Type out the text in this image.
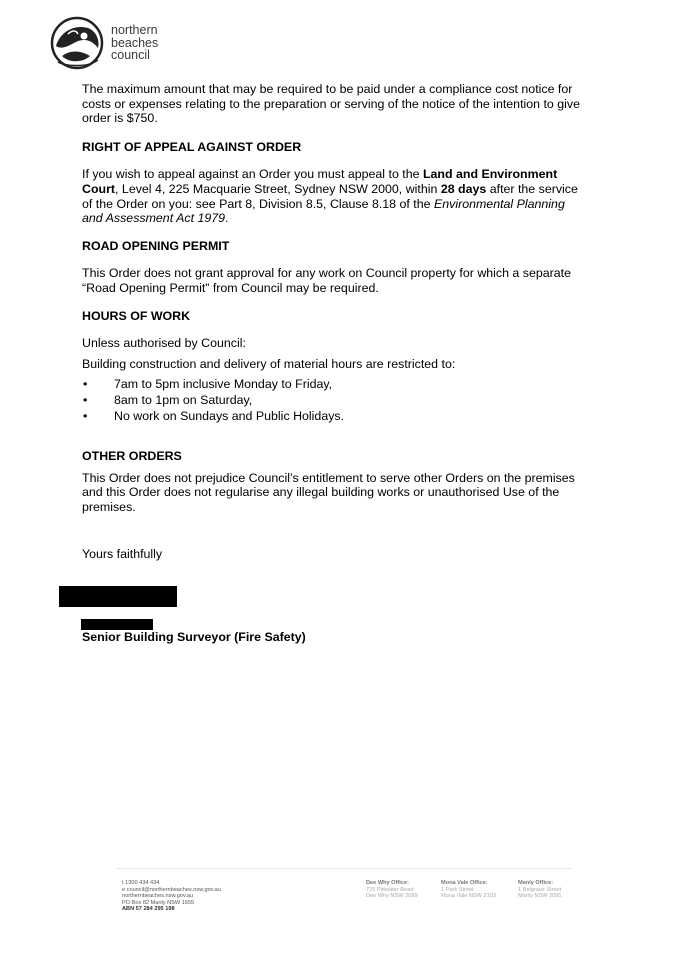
northern
beaches
council

The maximum amount that may be required to be paid under a compliance cost notice for costs or expenses relating to the preparation or serving of the notice of the intention to give order is $750.

RIGHT OF APPEAL AGAINST ORDER

If you wish to appeal against an Order you must appeal to the Land and Environment Court, Level 4, 225 Macquarie Street, Sydney NSW 2000, within 28 days after the service of the Order on you: see Part 8, Division 8.5, Clause 8.18 of the Environmental Planning and Assessment Act 1979.

ROAD OPENING PERMIT

This Order does not grant approval for any work on Council property for which a separate “Road Opening Permit” from Council may be required.

HOURS OF WORK

Unless authorised by Council:

Building construction and delivery of material hours are restricted to:

• 7am to 5pm inclusive Monday to Friday,
• 8am to 1pm on Saturday,
• No work on Sundays and Public Holidays.

OTHER ORDERS

This Order does not prejudice Council’s entitlement to serve other Orders on the premises and this Order does not regularise any illegal building works or unauthorised Use of the premises.

Yours faithfully

Senior Building Surveyor (Fire Safety)
t 1300 434 434
e council@northernbeaches.nsw.gov.au
northernbeaches.nsw.gov.au
PO Box 82 Manly NSW 1655
ABN 57 284 295 198
Dee Why Office:
725 Pittwater Road
Dee Why NSW 2099
Mona Vale Office:
1 Park Street
Mona Vale NSW 2103
Manly Office:
1 Belgrave Street
Manly NSW 2095
